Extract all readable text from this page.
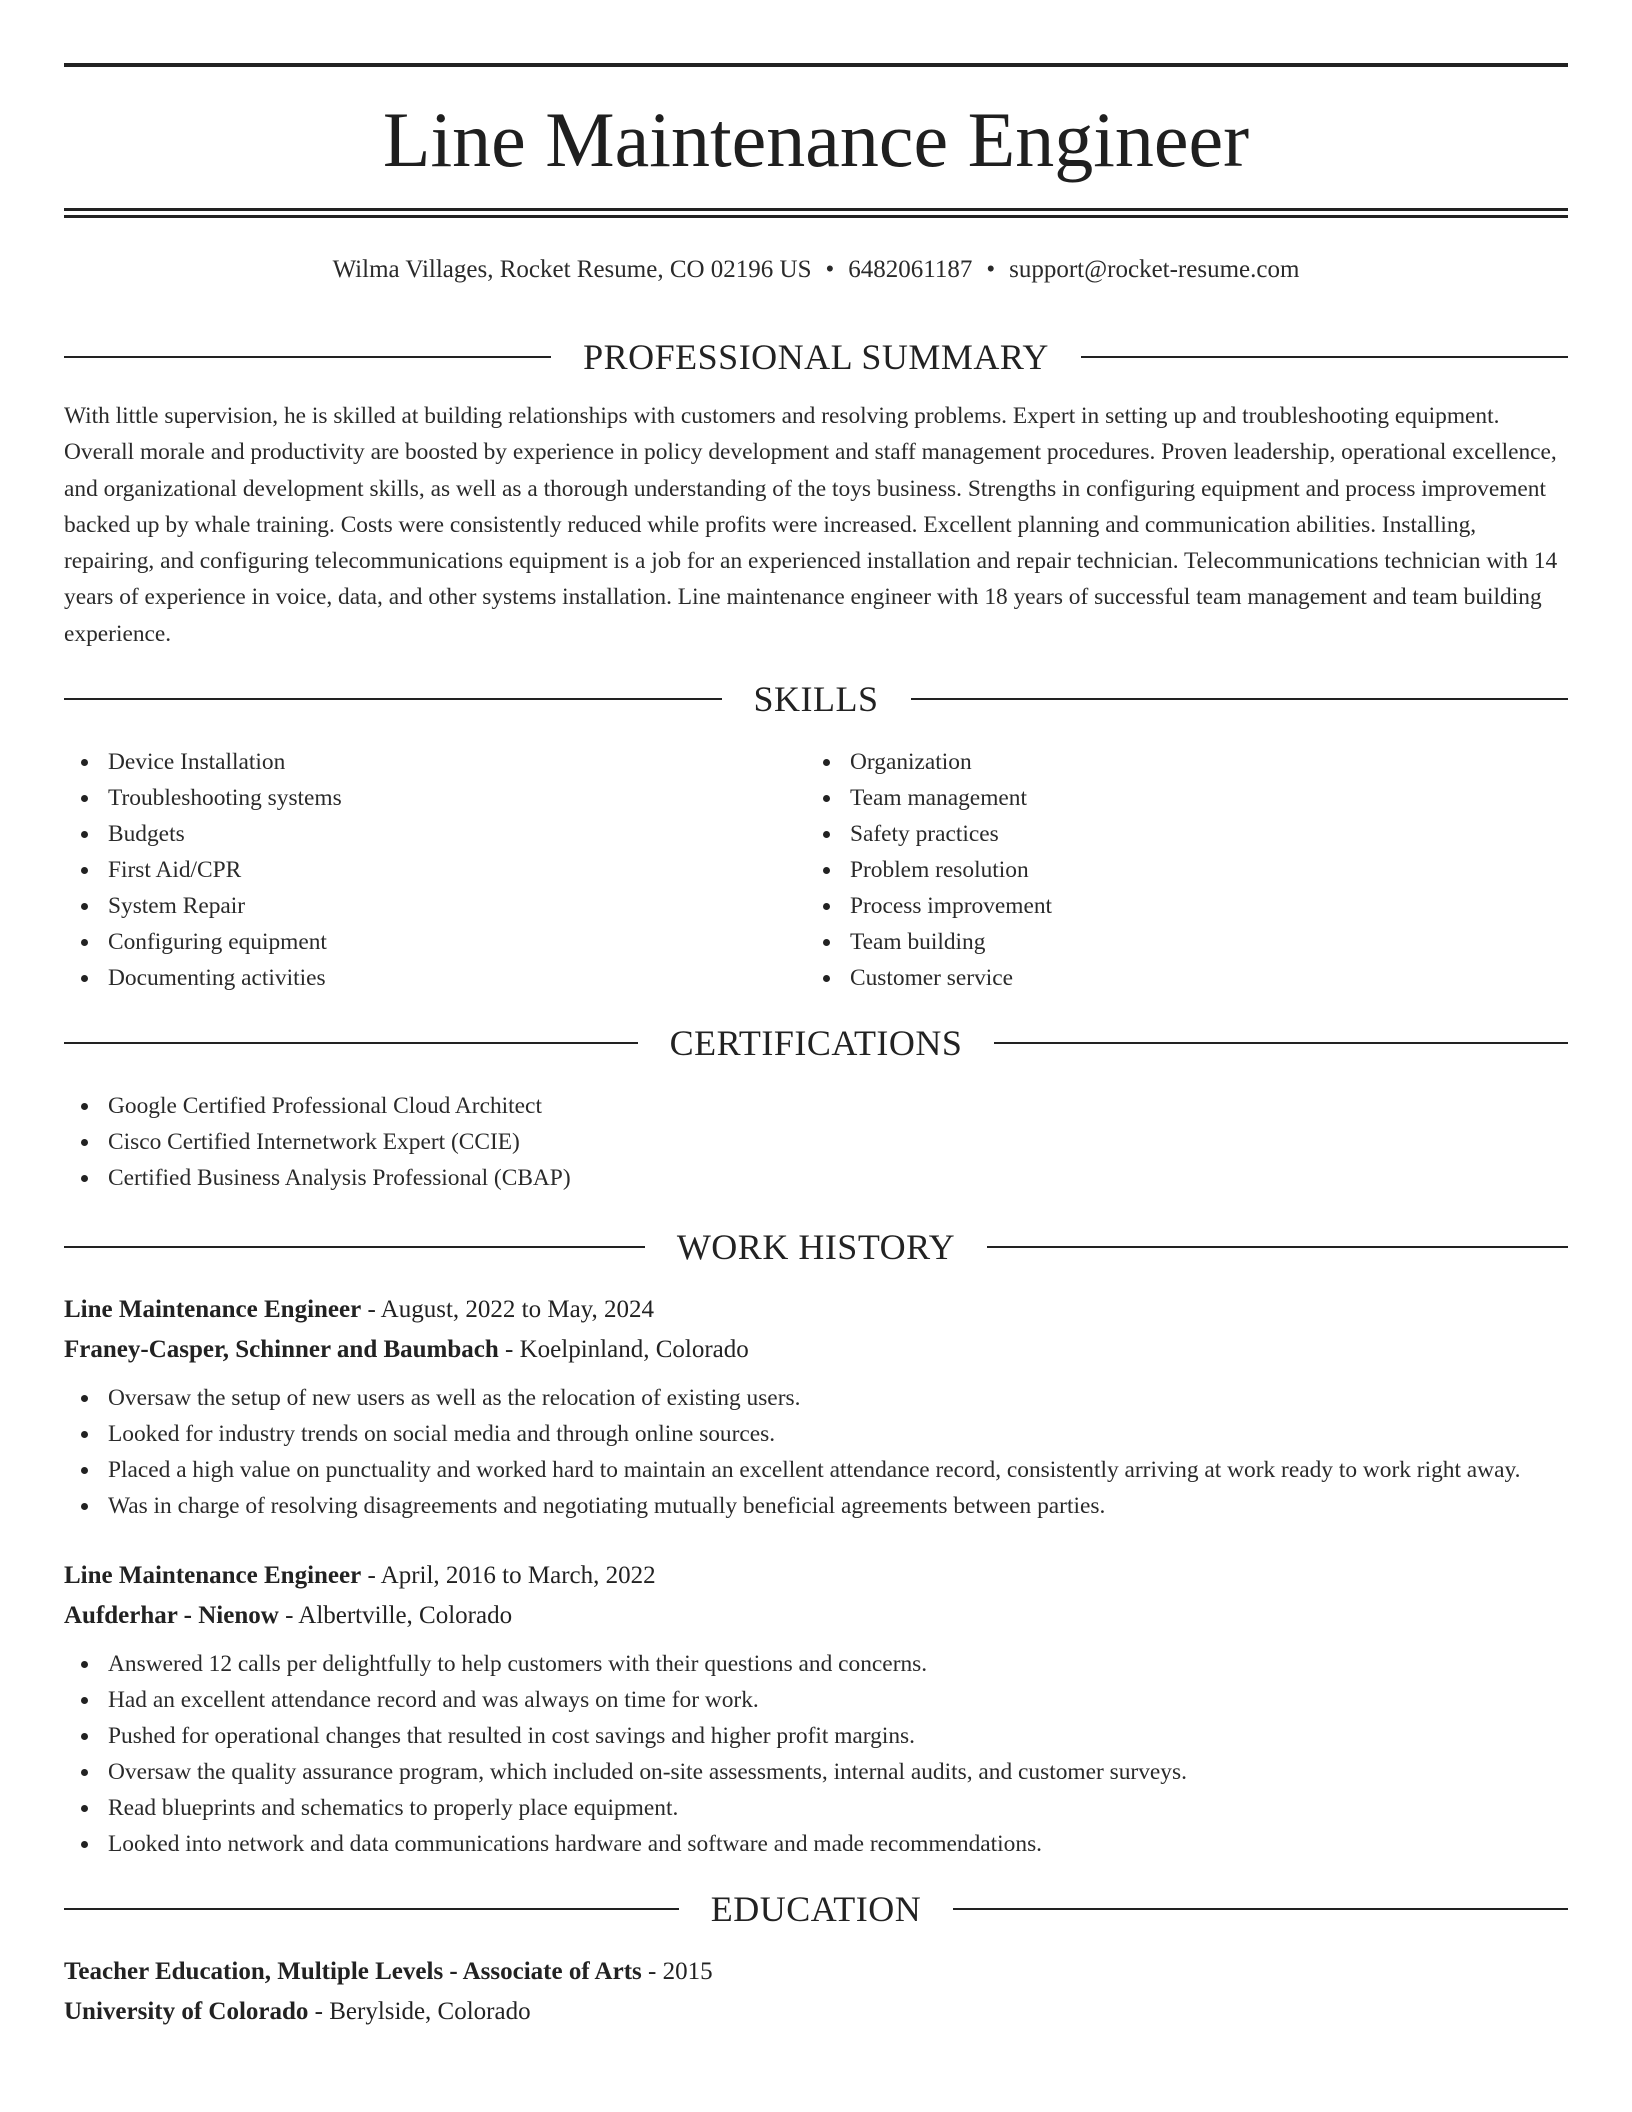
Line Maintenance Engineer
Wilma Villages, Rocket Resume, CO 02196 US • 6482061187 • support@rocket-resume.com
PROFESSIONAL SUMMARY

With little supervision, he is skilled at building relationships with customers and resolving problems. Expert in setting up and troubleshooting equipment. Overall morale and productivity are boosted by experience in policy development and staff management procedures. Proven leadership, operational excellence, and organizational development skills, as well as a thorough understanding of the toys business. Strengths in configuring equipment and process improvement backed up by whale training. Costs were consistently reduced while profits were increased. Excellent planning and communication abilities. Installing, repairing, and configuring telecommunications equipment is a job for an experienced installation and repair technician. Telecommunications technician with 14 years of experience in voice, data, and other systems installation. Line maintenance engineer with 18 years of successful team management and team building experience.

SKILLS
Device Installation
Troubleshooting systems
Budgets
First Aid/CPR
System Repair
Configuring equipment
Documenting activities
Organization
Team management
Safety practices
Problem resolution
Process improvement
Team building
Customer service
CERTIFICATIONS
Google Certified Professional Cloud Architect
Cisco Certified Internetwork Expert (CCIE)
Certified Business Analysis Professional (CBAP)
WORK HISTORY
Line Maintenance Engineer - August, 2022 to May, 2024
Franey-Casper, Schinner and Baumbach - Koelpinland, Colorado
Oversaw the setup of new users as well as the relocation of existing users.
Looked for industry trends on social media and through online sources.
Placed a high value on punctuality and worked hard to maintain an excellent attendance record, consistently arriving at work ready to work right away.
Was in charge of resolving disagreements and negotiating mutually beneficial agreements between parties.
Line Maintenance Engineer - April, 2016 to March, 2022
Aufderhar - Nienow - Albertville, Colorado
Answered 12 calls per delightfully to help customers with their questions and concerns.
Had an excellent attendance record and was always on time for work.
Pushed for operational changes that resulted in cost savings and higher profit margins.
Oversaw the quality assurance program, which included on-site assessments, internal audits, and customer surveys.
Read blueprints and schematics to properly place equipment.
Looked into network and data communications hardware and software and made recommendations.
EDUCATION
Teacher Education, Multiple Levels - Associate of Arts - 2015
University of Colorado - Berylside, Colorado
